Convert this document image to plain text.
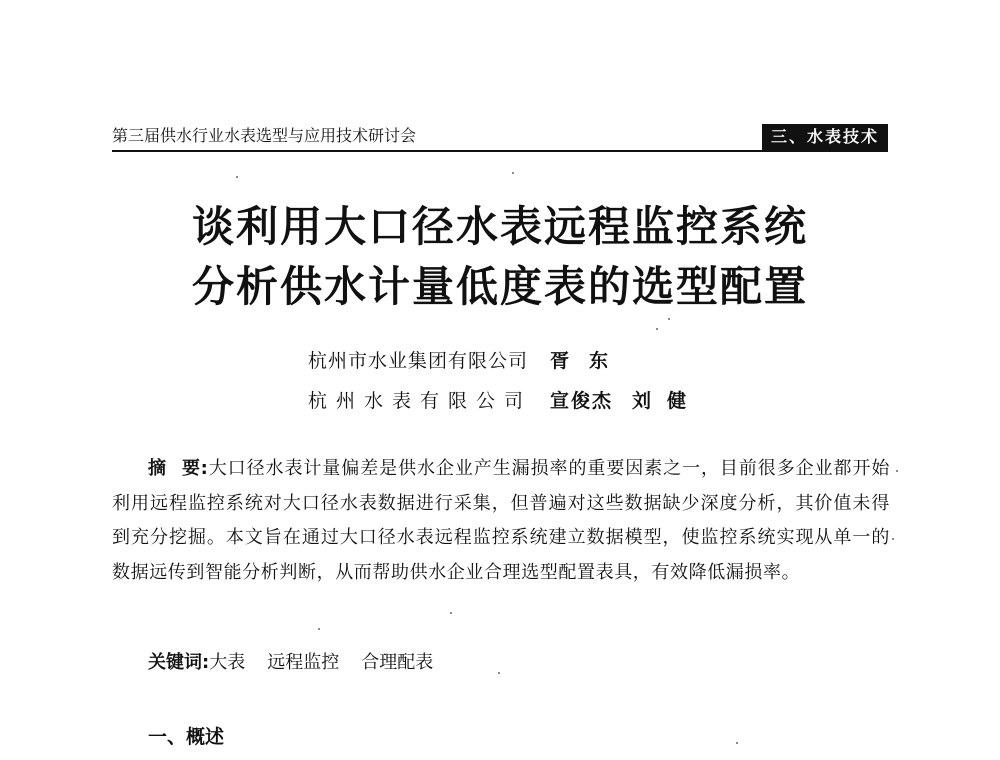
第三届供水行业水表选型与应用技术研讨会	三、水表技术
谈利用大口径水表远程监控系统
分析供水计量低度表的选型配置
杭州市水业集团有限公司 胥东
杭州水表有限公司 宣俊杰 刘健
摘要:大口径水表计量偏差是供水企业产生漏损率的重要因素之一，目前很多企业都开始利用远程监控系统对大口径水表数据进行采集，但普遍对这些数据缺少深度分析，其价值未得到充分挖掘。本文旨在通过大口径水表远程监控系统建立数据模型，使监控系统实现从单一的数据远传到智能分析判断，从而帮助供水企业合理选型配置表具，有效降低漏损率。
关键词:大表 远程监控 合理配表
一、概述
